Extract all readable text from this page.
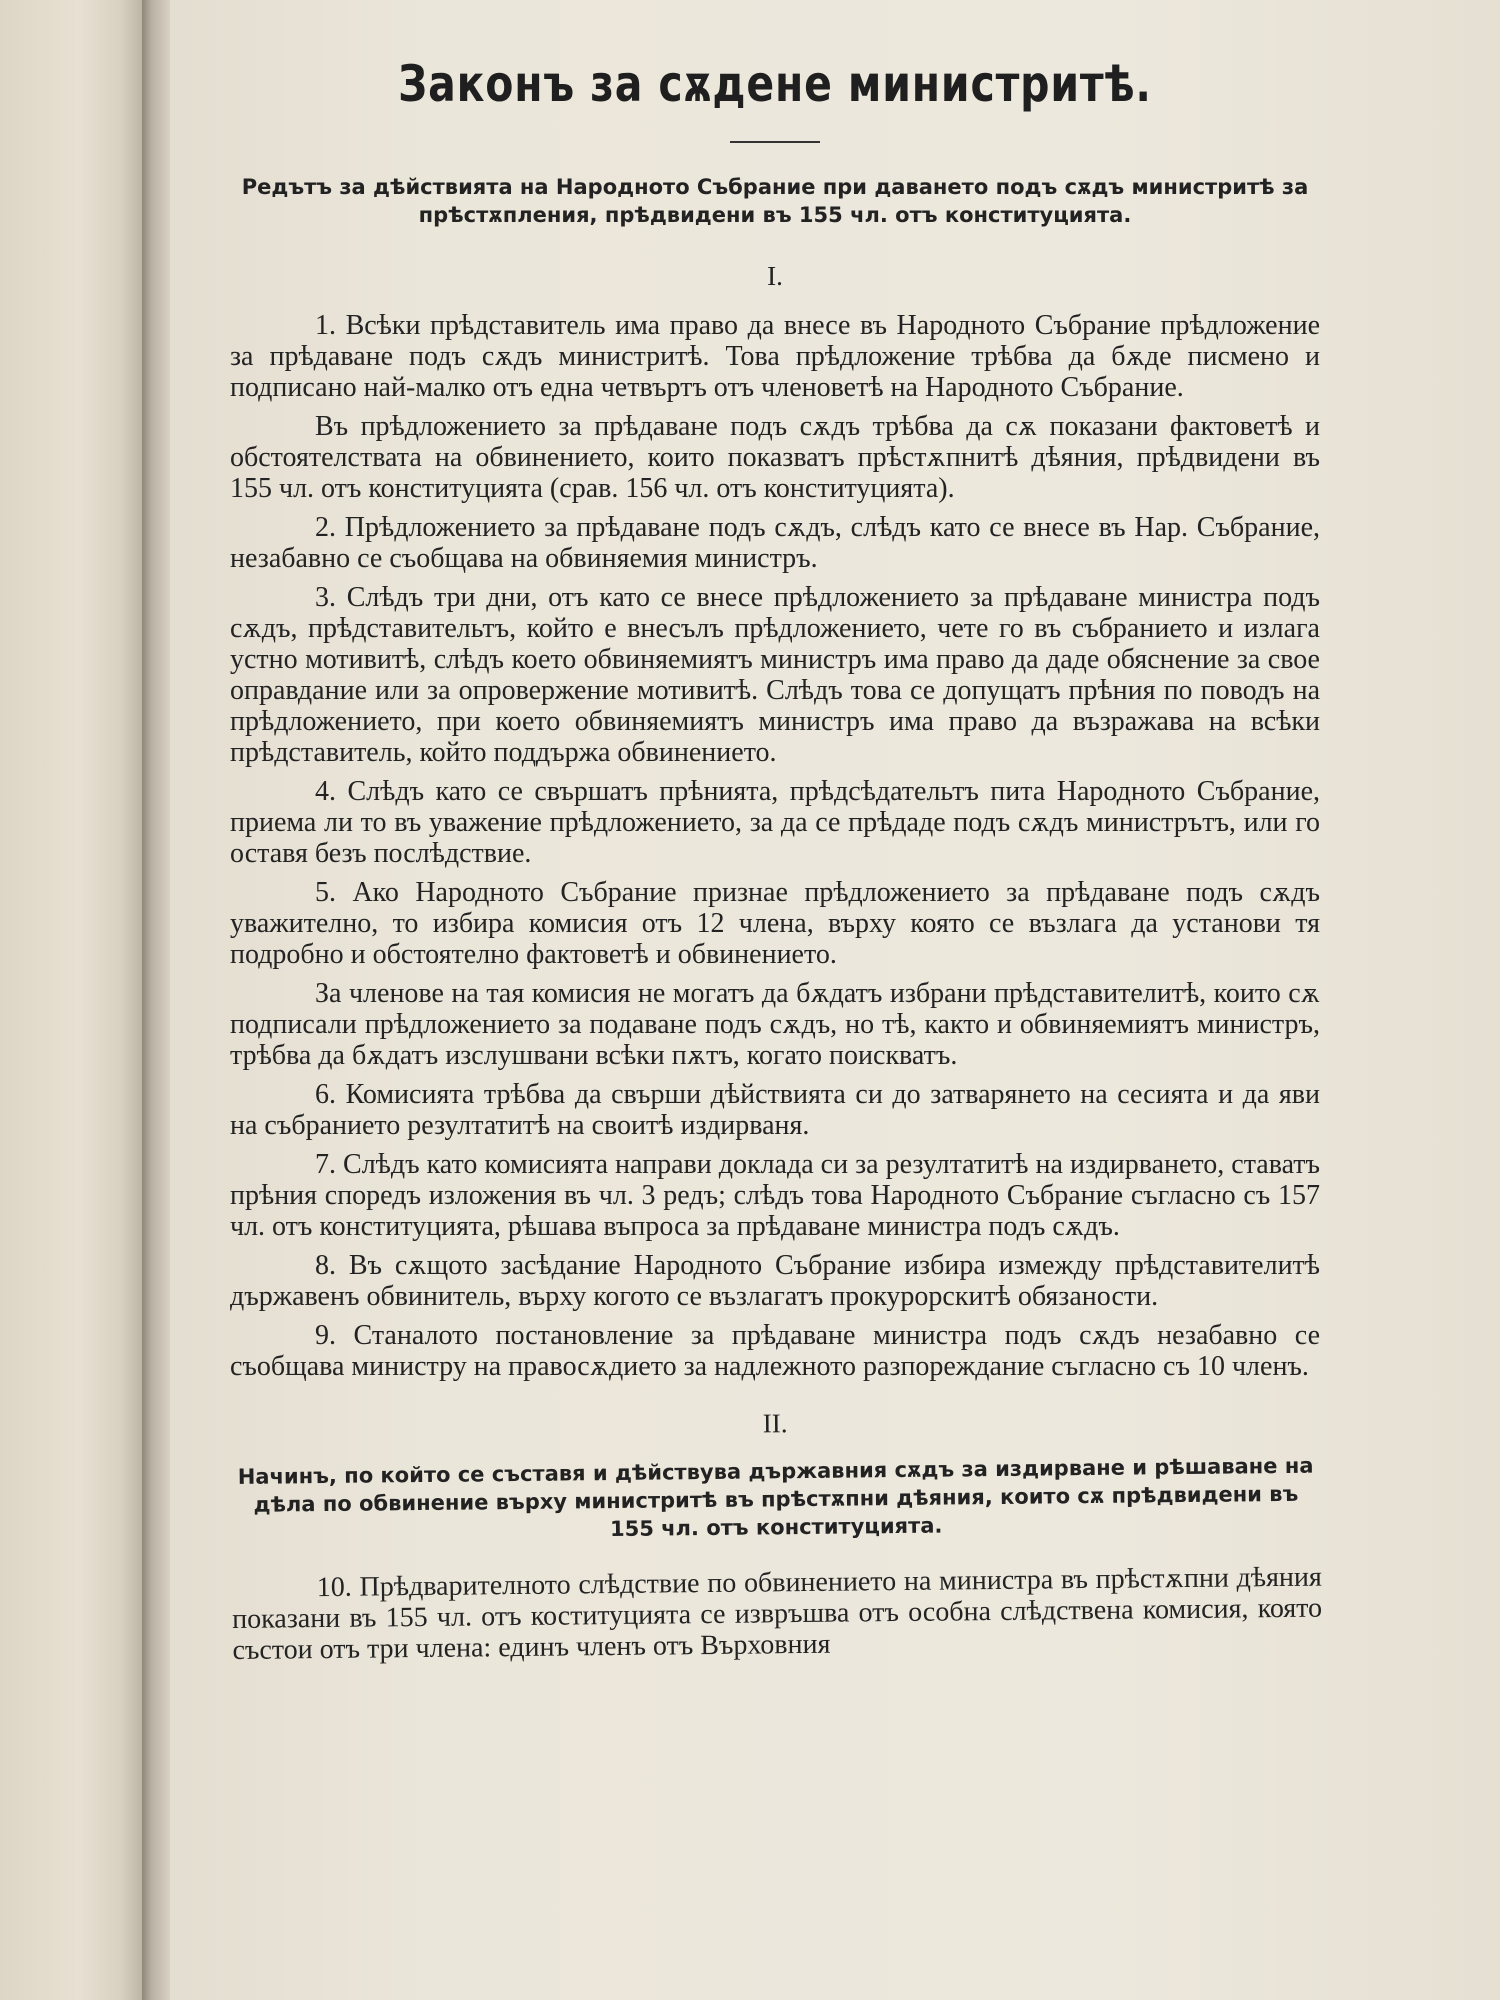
Законъ за сѫдене министритѣ.

Редътъ за дѣйствията на Народното Събрание при даването подъ сѫдъ министритѣ за прѣстѫпления, прѣдвидени въ 155 чл. отъ конституцията.

I.

1. Всѣки прѣдставитель има право да внесе въ Народното Събрание прѣдложение за прѣдаване подъ сѫдъ министритѣ. Това прѣдложение трѣбва да бѫде писмено и подписано най-малко отъ една четвъртъ отъ членоветѣ на Народното Събрание.

Въ прѣдложението за прѣдаване подъ сѫдъ трѣбва да сѫ показани фактоветѣ и обстоятелствата на обвинението, които показватъ прѣстѫпнитѣ дѣяния, прѣдвидени въ 155 чл. отъ конституцията (срав. 156 чл. отъ конституцията).

2. Прѣдложението за прѣдаване подъ сѫдъ, слѣдъ като се внесе въ Нар. Събрание, незабавно се съобщава на обвиняемия министръ.

3. Слѣдъ три дни, отъ като се внесе прѣдложението за прѣдаване министра подъ сѫдъ, прѣдставительтъ, който е внесълъ прѣдложението, чете го въ събранието и излага устно мотивитѣ, слѣдъ което обвиняемиятъ министръ има право да даде обяснение за свое оправдание или за опровержение мотивитѣ. Слѣдъ това се допущатъ прѣния по поводъ на прѣдложението, при което обвиняемиятъ министръ има право да възражава на всѣки прѣдставитель, който поддържа обвинението.

4. Слѣдъ като се свършатъ прѣнията, прѣдсѣдательтъ пита Народното Събрание, приема ли то въ уважение прѣдложението, за да се прѣдаде подъ сѫдъ министрътъ, или го оставя безъ послѣдствие.

5. Ако Народното Събрание признае прѣдложението за прѣдаване подъ сѫдъ уважително, то избира комисия отъ 12 члена, върху която се възлага да установи тя подробно и обстоятелно фактоветѣ и обвинението.

За членове на тая комисия не могатъ да бѫдатъ избрани прѣдставителитѣ, които сѫ подписали прѣдложението за подаване подъ сѫдъ, но тѣ, както и обвиняемиятъ министръ, трѣбва да бѫдатъ изслушвани всѣки пѫтъ, когато поискватъ.

6. Комисията трѣбва да свърши дѣйствията си до затварянето на сесията и да яви на събранието резултатитѣ на своитѣ издирваня.

7. Слѣдъ като комисията направи доклада си за резултатитѣ на издирването, ставатъ прѣния споредъ изложения въ чл. 3 редъ; слѣдъ това Народното Събрание съгласно съ 157 чл. отъ конституцията, рѣшава въпроса за прѣдаване министра подъ сѫдъ.

8. Въ сѫщото засѣдание Народното Събрание избира измежду прѣдставителитѣ държавенъ обвинитель, върху когото се възлагатъ прокурорскитѣ обязаности.

9. Станалото постановление за прѣдаване министра подъ сѫдъ незабавно се съобщава министру на правосѫдието за надлежното разпореждание съгласно съ 10 членъ.

II.

Начинъ, по който се съставя и дѣйствува държавния сѫдъ за издирване и рѣшаване на дѣла по обвинение върху министритѣ въ прѣстѫпни дѣяния, които сѫ прѣдвидени въ 155 чл. отъ конституцията.

10. Прѣдварителното слѣдствие по обвинението на министра въ прѣстѫпни дѣяния показани въ 155 чл. отъ коституцията се извръшва отъ особна слѣдствена комисия, която състои отъ три члена: единъ членъ отъ Върховния
